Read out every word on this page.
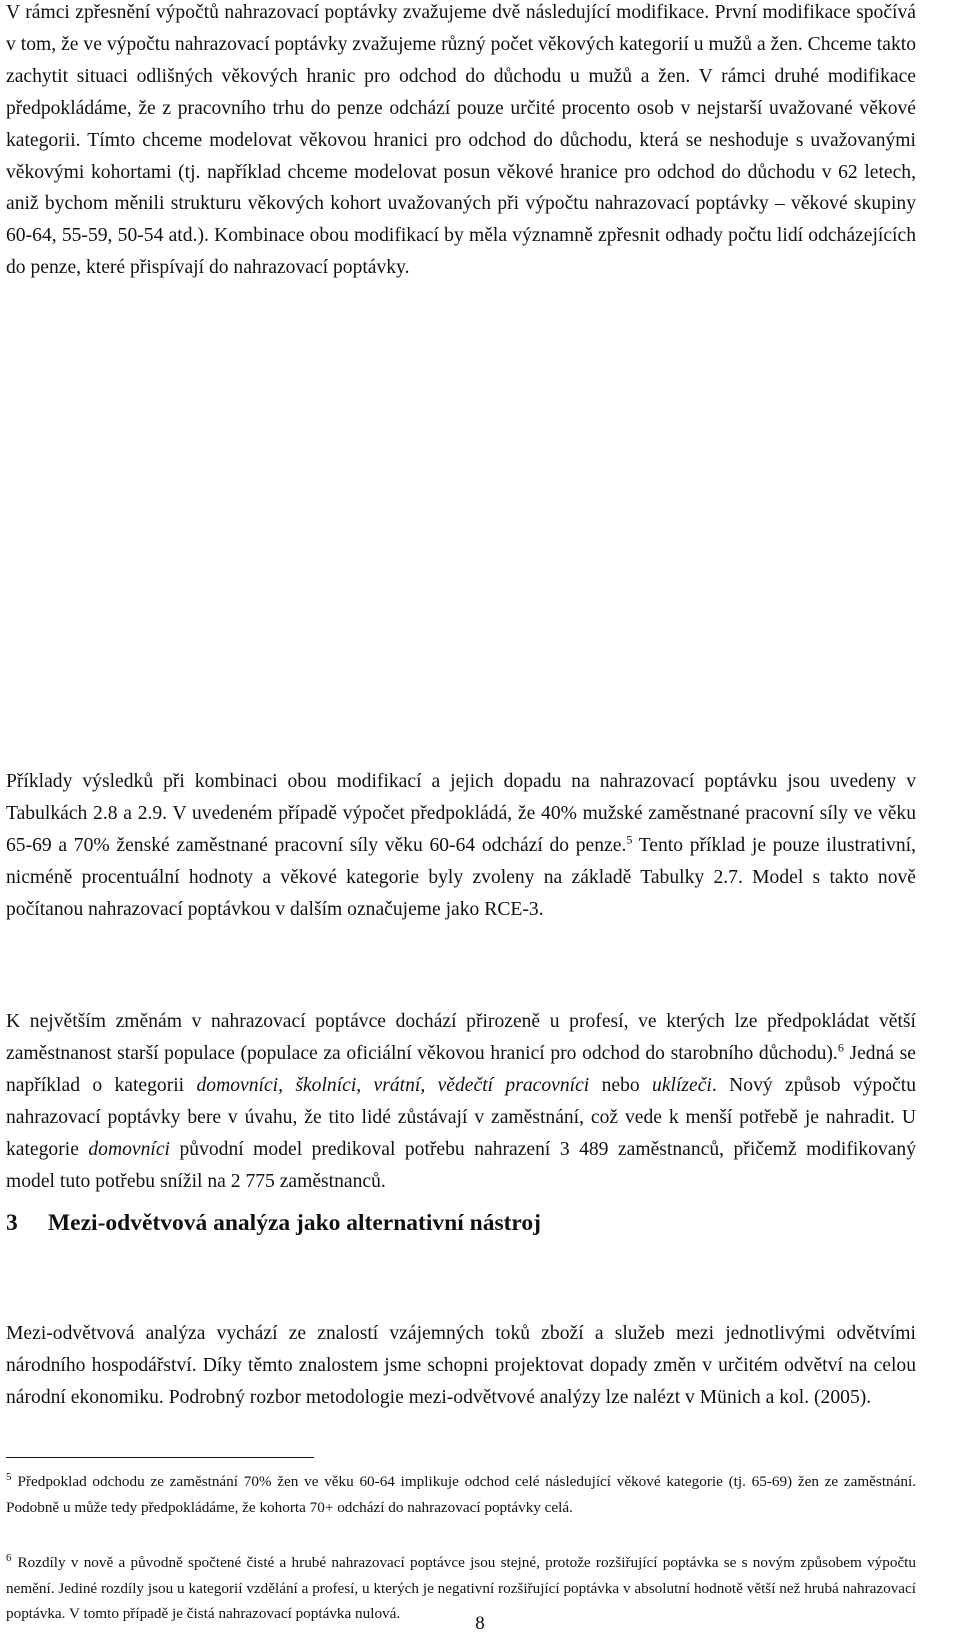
V rámci zpřesnění výpočtů nahrazovací poptávky zvažujeme dvě následující modifikace. První modifikace spočívá v tom, že ve výpočtu nahrazovací poptávky zvažujeme různý počet věkových kategorií u mužů a žen. Chceme takto zachytit situaci odlišných věkových hranic pro odchod do důchodu u mužů a žen. V rámci druhé modifikace předpokládáme, že z pracovního trhu do penze odchází pouze určité procento osob v nejstarší uvažované věkové kategorii. Tímto chceme modelovat věkovou hranici pro odchod do důchodu, která se neshoduje s uvažovanými věkovými kohortami (tj. například chceme modelovat posun věkové hranice pro odchod do důchodu v 62 letech, aniž bychom měnili strukturu věkových kohort uvažovaných při výpočtu nahrazovací poptávky – věkové skupiny 60-64, 55-59, 50-54 atd.). Kombinace obou modifikací by měla významně zpřesnit odhady počtu lidí odcházejících do penze, které přispívají do nahrazovací poptávky.

Příklady výsledků při kombinaci obou modifikací a jejich dopadu na nahrazovací poptávku jsou uvedeny v Tabulkách 2.8 a 2.9. V uvedeném případě výpočet předpokládá, že 40% mužské zaměstnané pracovní síly ve věku 65-69 a 70% ženské zaměstnané pracovní síly věku 60-64 odchází do penze.$^5$ Tento příklad je pouze ilustrativní, nicméně procentuální hodnoty a věkové kategorie byly zvoleny na základě Tabulky 2.7. Model s takto nově počítanou nahrazovací poptávkou v dalším označujeme jako RCE-3.

K největším změnám v nahrazovací poptávce dochází přirozeně u profesí, ve kterých lze předpokládat větší zaměstnanost starší populace (populace za oficiální věkovou hranicí pro odchod do starobního důchodu).$^6$ Jedná se například o kategorii domovníci, školníci, vrátní, vědečtí pracovníci nebo uklízeči. Nový způsob výpočtu nahrazovací poptávky bere v úvahu, že tito lidé zůstávají v zaměstnání, což vede k menší potřebě je nahradit. U kategorie domovníci původní model predikoval potřebu nahrazení 3 489 zaměstnanců, přičemž modifikovaný model tuto potřebu snížil na 2 775 zaměstnanců.

3 Mezi-odvětvová analýza jako alternativní nástroj

Mezi-odvětvová analýza vychází ze znalostí vzájemných toků zboží a služeb mezi jednotlivými odvětvími národního hospodářství. Díky těmto znalostem jsme schopni projektovat dopady změn v určitém odvětví na celou národní ekonomiku. Podrobný rozbor metodologie mezi-odvětvové analýzy lze nalézt v Münich a kol. (2005).

$^5$ Předpoklad odchodu ze zaměstnání 70% žen ve věku 60-64 implikuje odchod celé následující věkové kategorie (tj. 65-69) žen ze zaměstnání. Podobně u může tedy předpokládáme, že kohorta 70+ odchází do nahrazovací poptávky celá.

$^6$ Rozdíly v nově a původně spočtené čisté a hrubé nahrazovací poptávce jsou stejné, protože rozšiřující poptávka se s novým způsobem výpočtu nemění. Jediné rozdíly jsou u kategorií vzdělání a profesí, u kterých je negativní rozšiřující poptávka v absolutní hodnotě větší než hrubá nahrazovací poptávka. V tomto případě je čistá nahrazovací poptávka nulová.	8
